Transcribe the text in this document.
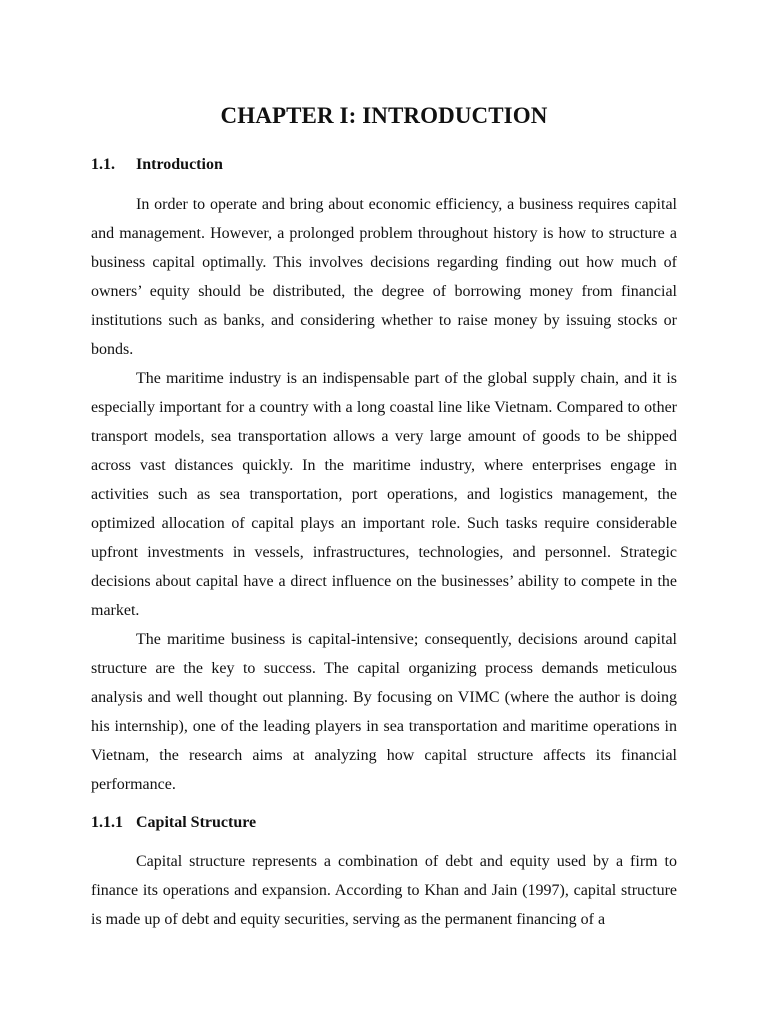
CHAPTER I: INTRODUCTION
1.1. Introduction

In order to operate and bring about economic efficiency, a business requires capital and management. However, a prolonged problem throughout history is how to structure a business capital optimally. This involves decisions regarding finding out how much of owners’ equity should be distributed, the degree of borrowing money from financial institutions such as banks, and considering whether to raise money by issuing stocks or bonds.

The maritime industry is an indispensable part of the global supply chain, and it is especially important for a country with a long coastal line like Vietnam. Compared to other transport models, sea transportation allows a very large amount of goods to be shipped across vast distances quickly. In the maritime industry, where enterprises engage in activities such as sea transportation, port operations, and logistics management, the optimized allocation of capital plays an important role. Such tasks require considerable upfront investments in vessels, infrastructures, technologies, and personnel. Strategic decisions about capital have a direct influence on the businesses’ ability to compete in the market.

The maritime business is capital-intensive; consequently, decisions around capital structure are the key to success. The capital organizing process demands meticulous analysis and well thought out planning. By focusing on VIMC (where the author is doing his internship), one of the leading players in sea transportation and maritime operations in Vietnam, the research aims at analyzing how capital structure affects its financial performance.

1.1.1 Capital Structure

Capital structure represents a combination of debt and equity used by a firm to finance its operations and expansion. According to Khan and Jain (1997), capital structure is made up of debt and equity securities, serving as the permanent financing of a
